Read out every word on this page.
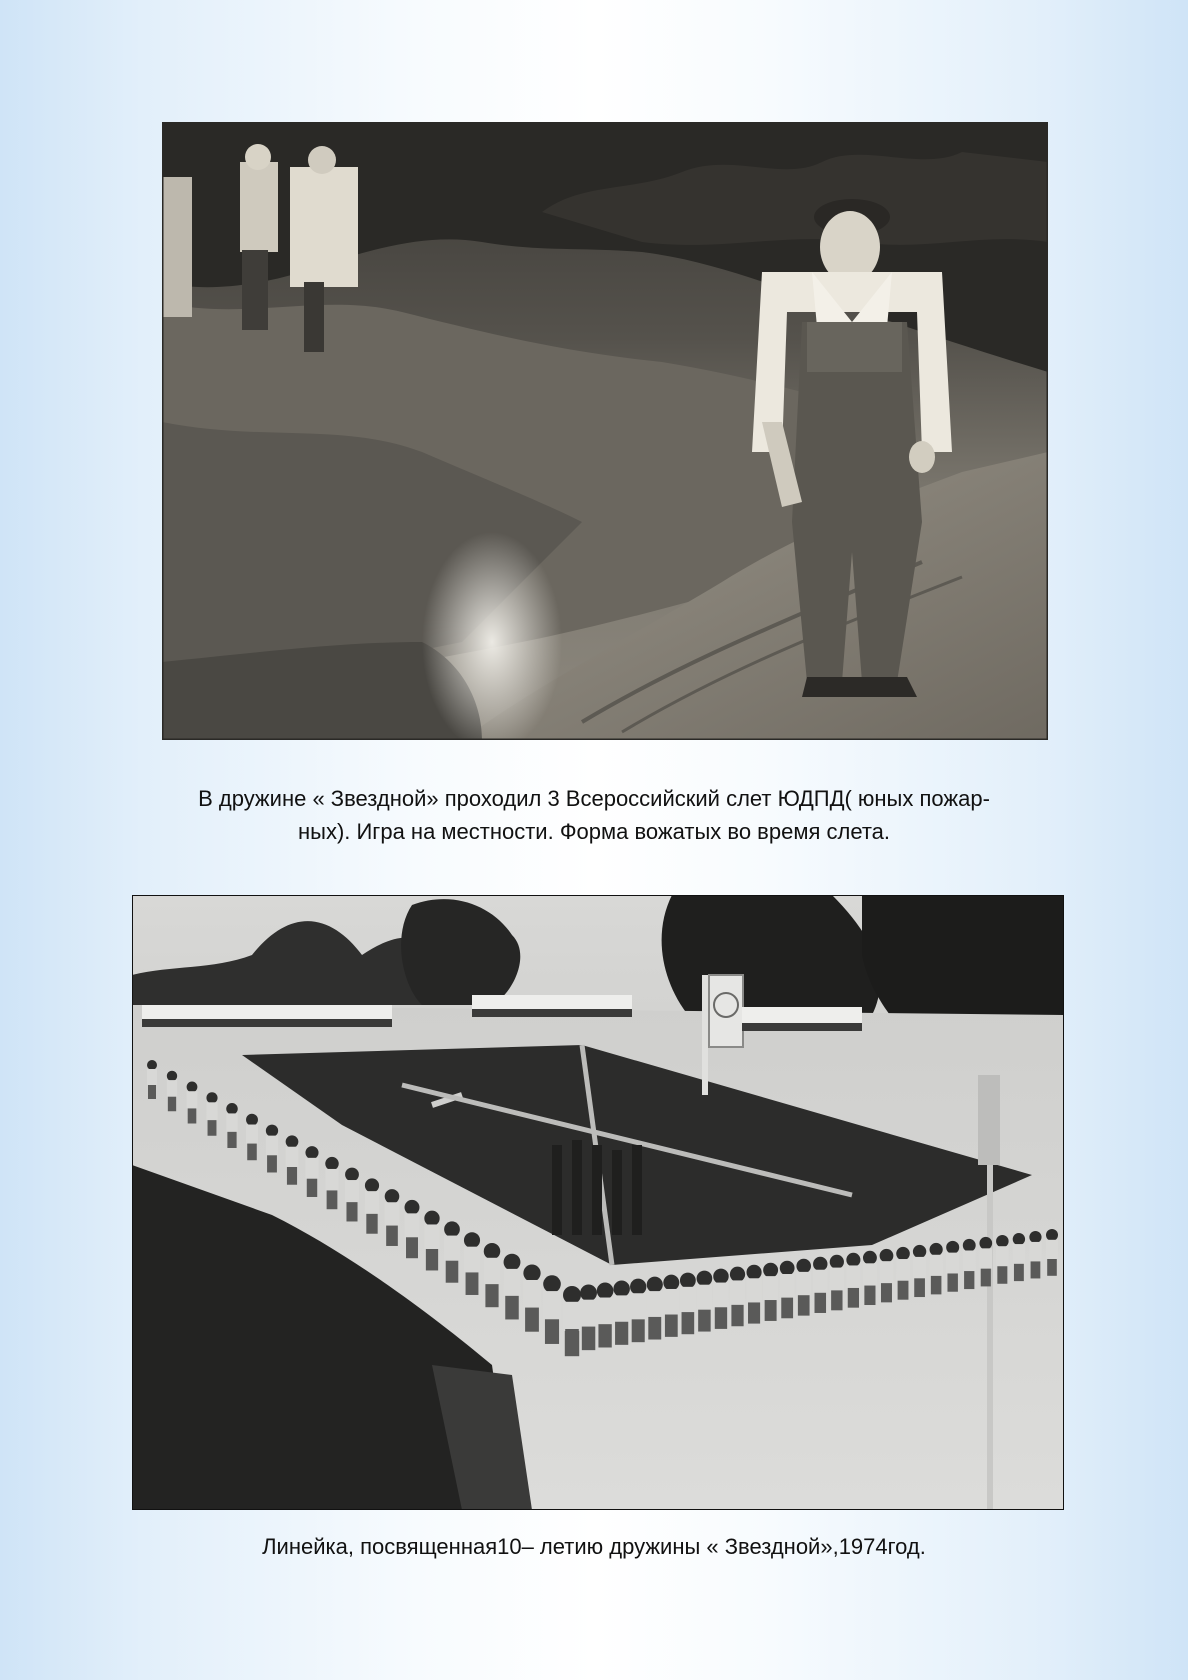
В дружине « Звездной» проходил 3 Всероссийский слет ЮДПД( юных пожар-
ных). Игра на местности. Форма вожатых во время слета.
Линейка, посвященная10– летию дружины « Звездной»,1974год.
